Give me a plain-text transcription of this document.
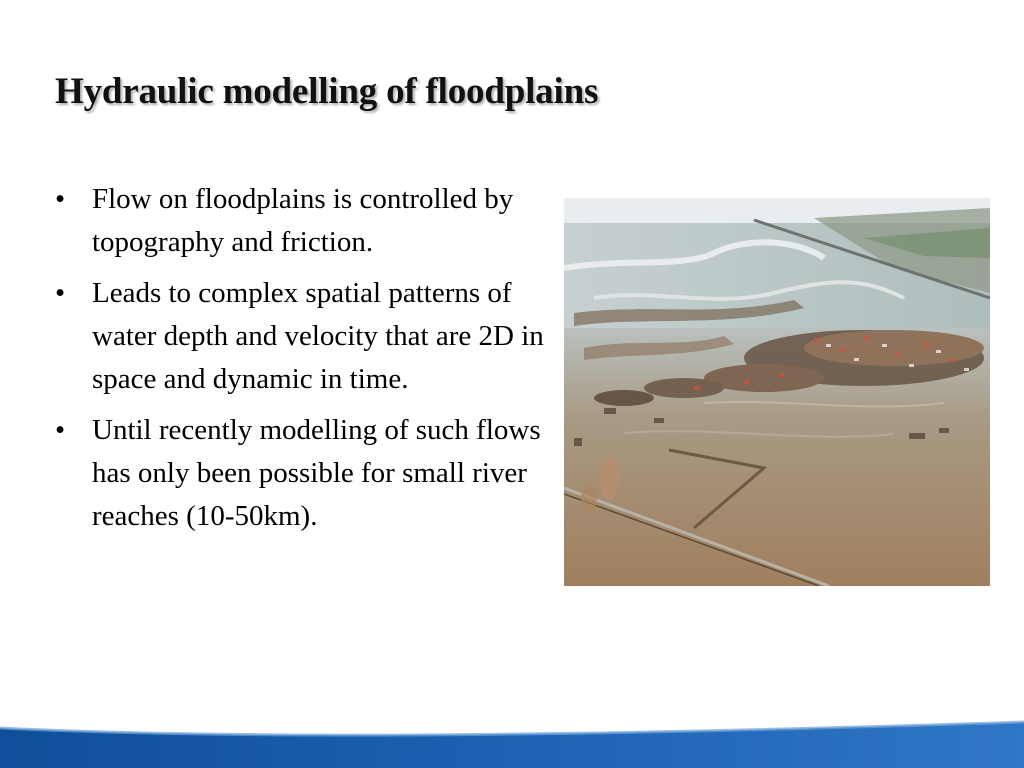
Hydraulic modelling of floodplains
• Flow on floodplains is controlled by topography and friction.
• Leads to complex spatial patterns of water depth and velocity that are 2D in space and dynamic in time.
• Until recently modelling of such flows has only been possible for small river reaches (10-50km).
